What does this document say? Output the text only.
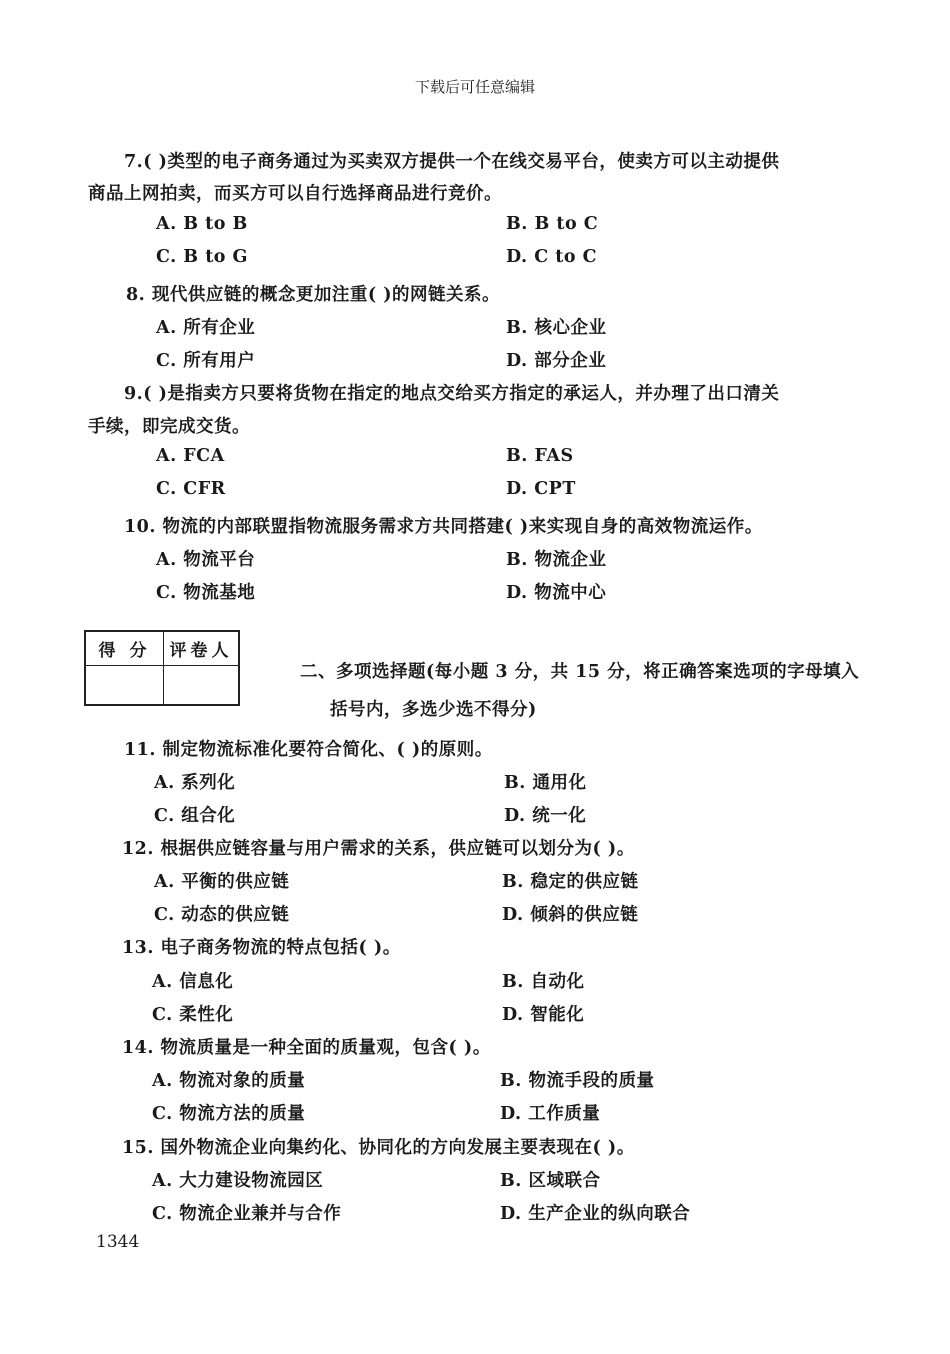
下载后可任意编辑
7.( )类型的电子商务通过为买卖双方提供一个在线交易平台，使卖方可以主动提供
商品上网拍卖，而买方可以自行选择商品进行竞价。
A. B to B	B. B to C
C. B to G	D. C to C
8. 现代供应链的概念更加注重( )的网链关系。
A. 所有企业	B. 核心企业
C. 所有用户	D. 部分企业
9.( )是指卖方只要将货物在指定的地点交给买方指定的承运人，并办理了出口清关
手续，即完成交货。
A. FCA	B. FAS
C. CFR	D. CPT
10. 物流的内部联盟指物流服务需求方共同搭建( )来实现自身的高效物流运作。
A. 物流平台	B. 物流企业
C. 物流基地	D. 物流中心
得 分	评卷人
二、多项选择题(每小题 3 分，共 15 分，将正确答案选项的字母填入
括号内，多选少选不得分)
11. 制定物流标准化要符合简化、( )的原则。
A. 系列化	B. 通用化
C. 组合化	D. 统一化
12. 根据供应链容量与用户需求的关系，供应链可以划分为( )。
A. 平衡的供应链	B. 稳定的供应链
C. 动态的供应链	D. 倾斜的供应链
13. 电子商务物流的特点包括( )。
A. 信息化	B. 自动化
C. 柔性化	D. 智能化
14. 物流质量是一种全面的质量观，包含( )。
A. 物流对象的质量	B. 物流手段的质量
C. 物流方法的质量	D. 工作质量
15. 国外物流企业向集约化、协同化的方向发展主要表现在( )。
A. 大力建设物流园区	B. 区域联合
C. 物流企业兼并与合作	D. 生产企业的纵向联合
1344
